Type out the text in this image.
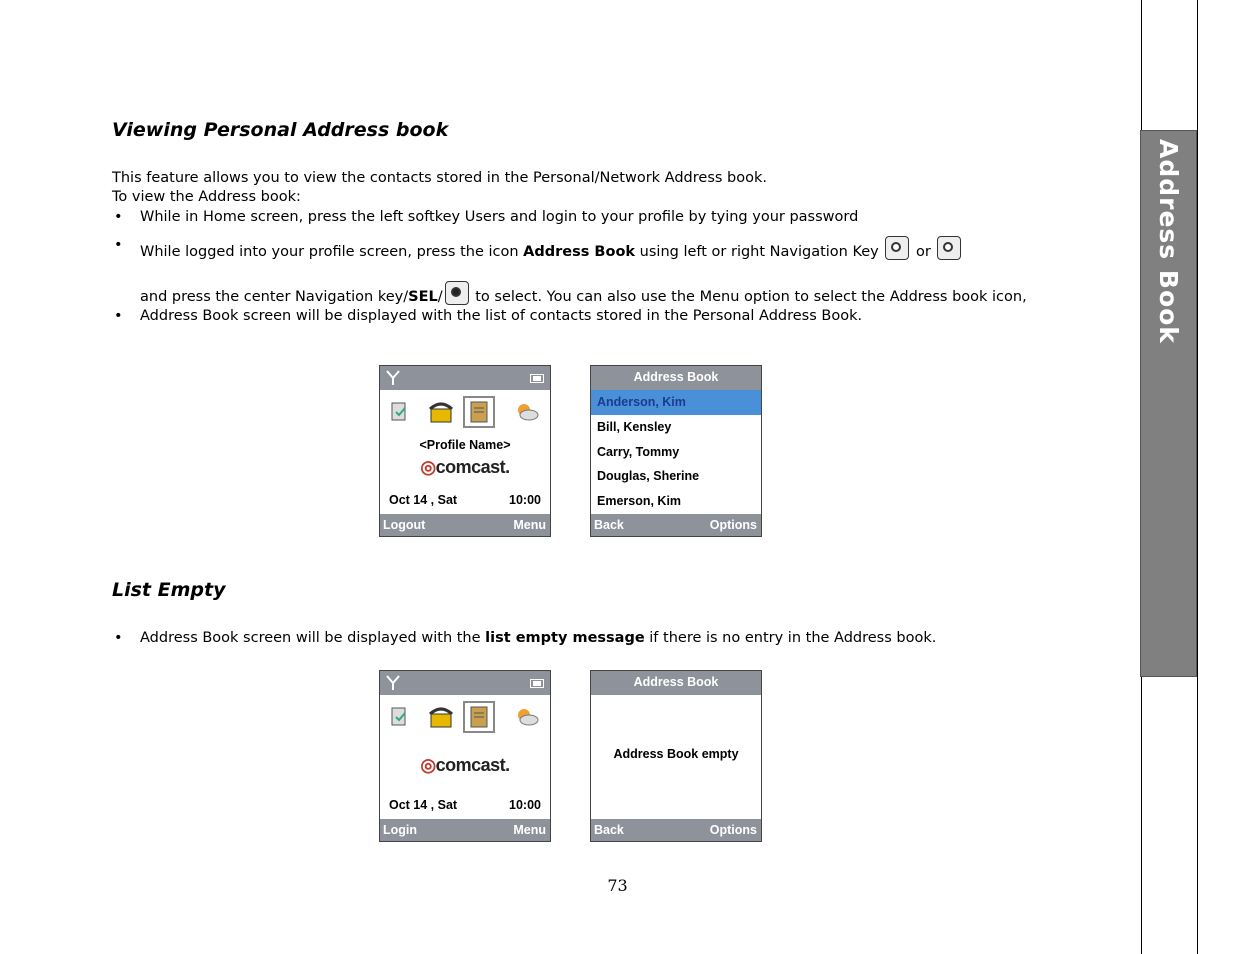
Address Book
Viewing Personal Address book
This feature allows you to view the contacts stored in the Personal/Network Address book.
To view the Address book:
• While in Home screen, press the left softkey Users and login to your profile by tying your password
• While logged into your profile screen, press the icon Address Book using left or right Navigation Key  or

and press the center Navigation key/SEL/ to select. You can also use the Menu option to select the Address book icon,
• Address Book screen will be displayed with the list of contacts stored in the Personal Address Book.
<Profile Name>
◎comcast.
Oct 14 , Sat	10:00
Logout	Menu
Address Book
Anderson, Kim
Bill, Kensley
Carry, Tommy
Douglas, Sherine
Emerson, Kim
Back	Options
List Empty
• Address Book screen will be displayed with the list empty message if there is no entry in the Address book.
◎comcast.
Oct 14 , Sat	10:00
Login	Menu
Address Book
Address Book empty
Back	Options
73
